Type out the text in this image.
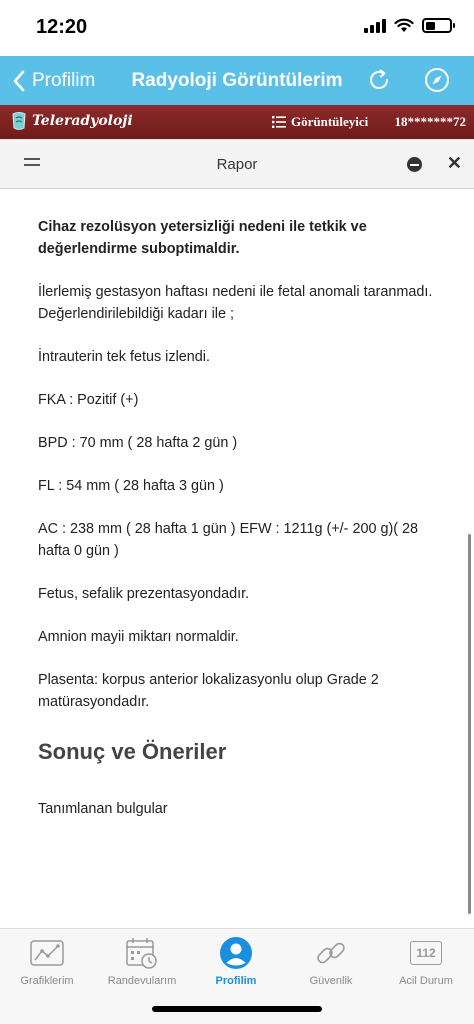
12:20
Profilim	Radyoloji Görüntülerim
Teleradyoloji	Görüntüleyici 18*******72
Rapor	✕

Cihaz rezolüsyon yetersizliği nedeni ile tetkik ve değerlendirme suboptimaldir.

İlerlemiş gestasyon haftası nedeni ile fetal anomali taranmadı. Değerlendirilebildiği kadarı ile ;

İntrauterin tek fetus izlendi.

FKA : Pozitif (+)

BPD : 70 mm ( 28 hafta 2 gün )

FL : 54 mm ( 28 hafta 3 gün )

AC : 238 mm ( 28 hafta 1 gün ) EFW : 1211g (+/- 200 g)( 28 hafta 0 gün )

Fetus, sefalik prezentasyondadır.

Amnion mayii miktarı normaldir.

Plasenta: korpus anterior lokalizasyonlu olup Grade 2 matürasyondadır.

Sonuç ve Öneriler

Tanımlanan bulgular

Grafiklerim	Randevularım	Profilim	Güvenlik
112
Acil Durum
